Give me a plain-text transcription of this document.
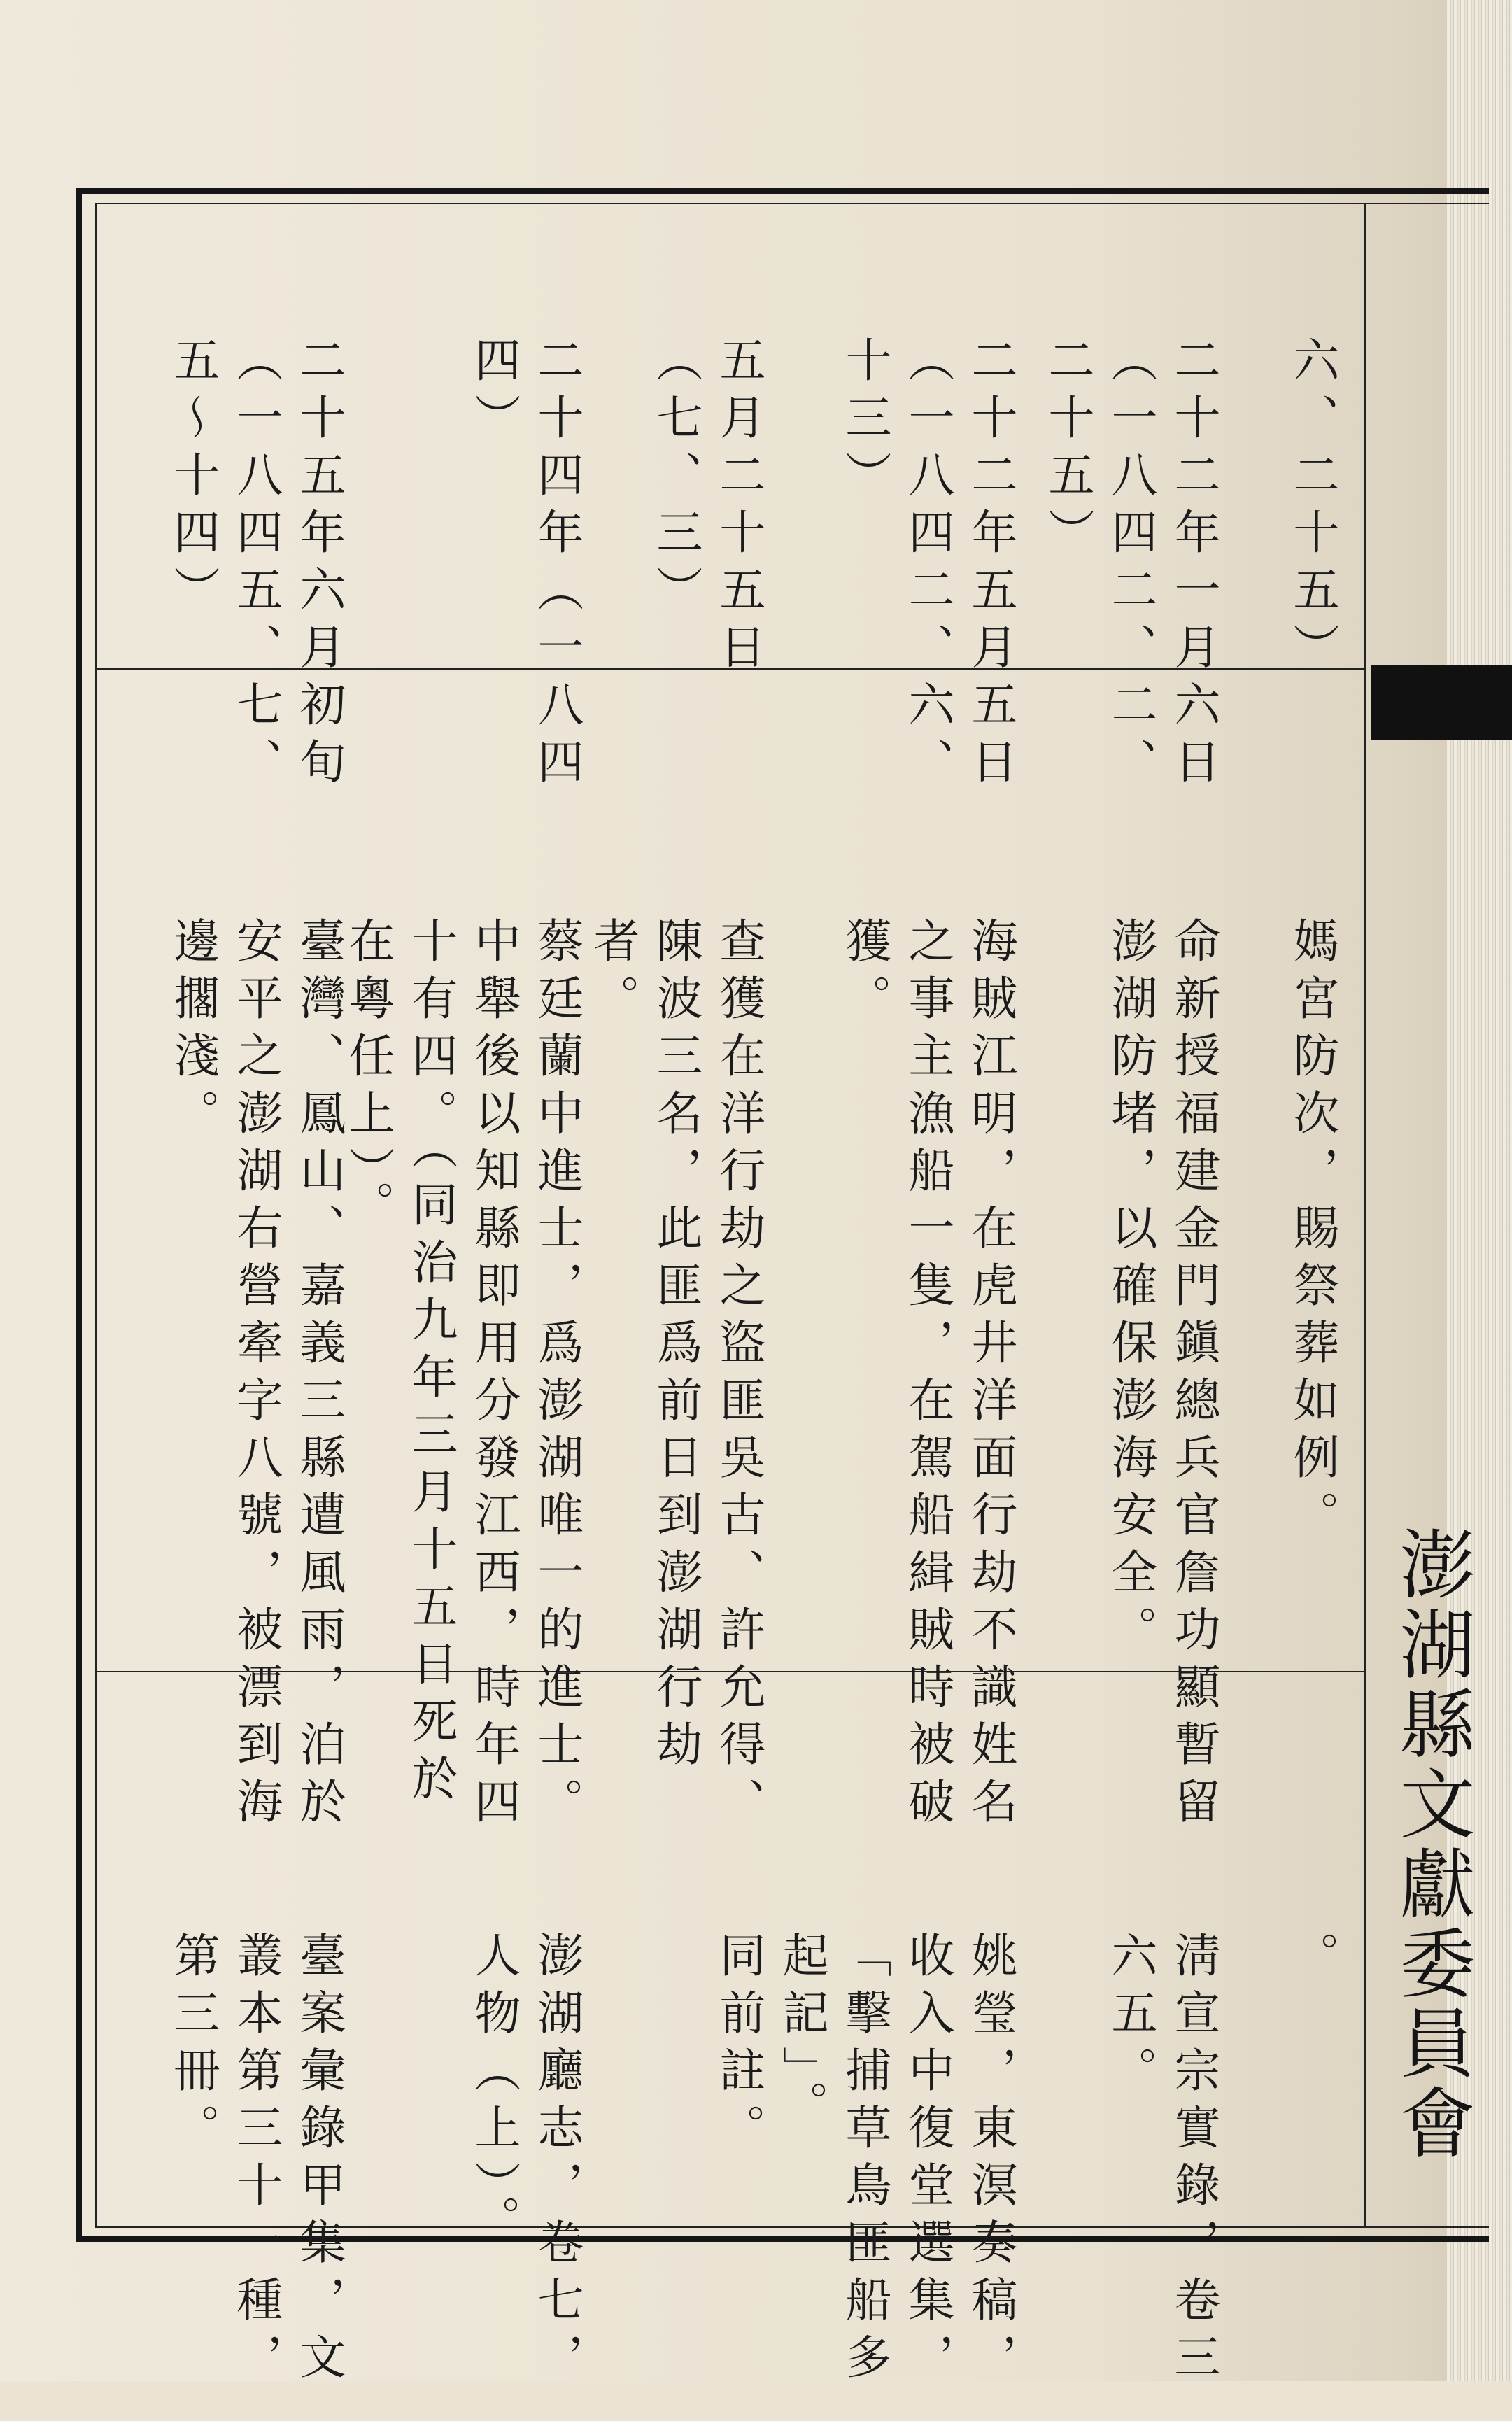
澎湖縣文獻委員會
六、二十五）
媽宮防次，賜祭葬如例。
。
二十二年一月六日（一八四二、二、二十五）
命新授福建金門鎭總兵官詹功顯暫留澎湖防堵，以確保澎海安全。
淸宣宗實錄，卷三六五。
二十二年五月五日（一八四二、六、十三）
海賊江明，在虎井洋面行劫不識姓名之事主漁船一隻，在駕船緝賊時被破獲。
姚瑩，東溟奏稿，收入中復堂選集，「擊捕草鳥匪船多起記」。
五月二十五日（七、三）
查獲在洋行劫之盜匪吳古、許允得、陳波三名，此匪爲前日到澎湖行劫者。
同前註。
二十四年（一八四四）
蔡廷蘭中進士，爲澎湖唯一的進士。中舉後以知縣即用分發江西，時年四十有四。（同治九年三月十五日死於在粵任上）。
澎湖廳志，卷七，人物（上）。
二十五年六月初旬（一八四五、七、五～十四）
臺灣、鳳山、嘉義三縣遭風雨，泊於安平之澎湖右營牽字八號，被漂到海邊擱淺。
臺案彙錄甲集，文叢本第三十一種，第三冊。
